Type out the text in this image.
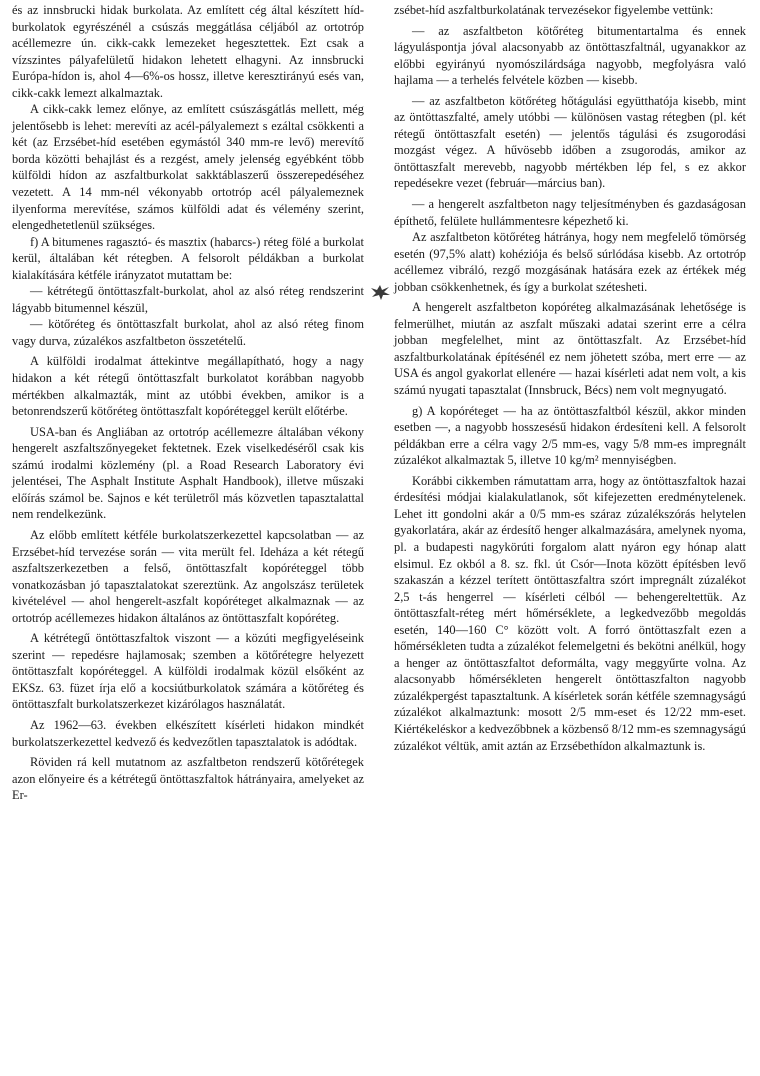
és az innsbrucki hidak burkolata. Az említett cég által készített híd-burkolatok egyrészénél a csúszás meggátlása céljából az ortotróp acéllemezre ún. cikk-cakk lemezeket hegesztettek. Ezt csak a vízszintes pályafelületű hidakon lehetett elhagyni. Az innsbrucki Európa-hídon is, ahol 4—6%-os hossz, illetve keresztirányú esés van, cikk-cakk lemezt alkalmaztak.

A cikk-cakk lemez előnye, az említett csúszásgátlás mellett, még jelentősebb is lehet: merevíti az acél-pályalemezt s ezáltal csökkenti a két (az Erzsébet-híd esetében egymástól 340 mm-re levő) merevítő borda közötti behajlást és a rezgést, amely jelenség egyébként több külföldi hídon az aszfaltburkolat sakktáblaszerű összerepedéséhez vezetett. A 14 mm-nél vékonyabb ortotróp acél pályalemeznek ilyenforma merevítése, számos külföldi adat és vélemény szerint, elengedhetetlenül szükséges.

f) A bitumenes ragasztó- és masztix (habarcs-) réteg fölé a burkolat kerül, általában két rétegben. A felsorolt példákban a burkolat kialakítására kétféle irányzatot mutattam be:

— kétrétegű öntöttaszfalt-burkolat, ahol az alsó réteg rendszerint lágyabb bitumennel készül,

— kötőréteg és öntöttaszfalt burkolat, ahol az alsó réteg finom vagy durva, zúzalékos aszfaltbeton összetételű.

A külföldi irodalmat áttekintve megállapítható, hogy a nagy hidakon a két rétegű öntöttaszfalt burkolatot korábban nagyobb mértékben alkalmazták, mint az utóbbi években, amikor is a betonrendszerű kötőréteg öntöttaszfalt kopóréteggel került előtérbe.

USA-ban és Angliában az ortotróp acéllemezre általában vékony hengerelt aszfaltszőnyegeket fektetnek. Ezek viselkedéséről csak kis számú irodalmi közlemény (pl. a Road Research Laboratory évi jelentései, The Asphalt Institute Asphalt Handbook), illetve műszaki előírás számol be. Sajnos e két területről más közvetlen tapasztalattal nem rendelkezünk.

Az előbb említett kétféle burkolatszerkezettel kapcsolatban — az Erzsébet-híd tervezése során — vita merült fel. Ideháza a két rétegű aszfaltszerkezetben a felső, öntöttaszfalt kopóréteggel több vonatkozásban jó tapasztalatokat szereztünk. Az angolszász területek kivételével — ahol hengerelt-aszfalt kopóréteget alkalmaznak — az ortotróp acéllemezes hidakon általános az öntöttaszfalt kopóréteg.

A kétrétegű öntöttaszfaltok viszont — a közúti megfigyeléseink szerint — repedésre hajlamosak; szemben a kötőrétegre helyezett öntöttaszfalt kopóréteggel. A külföldi irodalmak közül elsőként az EKSz. 63. füzet írja elő a kocsiútburkolatok számára a kötőréteg és öntöttaszfalt burkolatszerkezet kizárólagos használatát.

Az 1962—63. években elkészített kísérleti hidakon mindkét burkolatszerkezettel kedvező és kedvezőtlen tapasztalatok is adódtak.

Röviden rá kell mutatnom az aszfaltbeton rendszerű kötőrétegek azon előnyeire és a kétrétegű öntöttaszfaltok hátrányaira, amelyeket az Er-

zsébet-híd aszfaltburkolatának tervezésekor figyelembe vettünk:

— az aszfaltbeton kötőréteg bitumentartalma és ennek lágyuláspontja jóval alacsonyabb az öntöttaszfaltnál, ugyanakkor az előbbi egyirányú nyomószilárdsága nagyobb, megfolyásra való hajlama — a terhelés felvétele közben — kisebb.

— az aszfaltbeton kötőréteg hőtágulási együtthatója kisebb, mint az öntöttaszfalté, amely utóbbi — különösen vastag rétegben (pl. két rétegű öntöttaszfalt esetén) — jelentős tágulási és zsugorodási mozgást végez. A hűvösebb időben a zsugorodás, amikor az öntöttaszfalt merevebb, nagyobb mértékben lép fel, s ez akkor repedésekre vezet (február—március ban).

— a hengerelt aszfaltbeton nagy teljesítményben és gazdaságosan építhető, felülete hullámmentesre képezhető ki.

Az aszfaltbeton kötőréteg hátránya, hogy nem megfelelő tömörség esetén (97,5% alatt) kohéziója és belső súrlódása kisebb. Az ortotróp acéllemez vibráló, rezgő mozgásának hatására ezek az értékek még jobban csökkenhetnek, és így a burkolat szétesheti.

A hengerelt aszfaltbeton kopóréteg alkalmazásának lehetősége is felmerülhet, miután az aszfalt műszaki adatai szerint erre a célra jobban megfelelhet, mint az öntöttaszfalt. Az Erzsébet-híd aszfaltburkolatának építésénél ez nem jöhetett szóba, mert erre — az USA és angol gyakorlat ellenére — hazai kísérleti adat nem volt, a kis számú nyugati tapasztalat (Innsbruck, Bécs) nem volt megnyugató.

g) A kopóréteget — ha az öntöttaszfaltból készül, akkor minden esetben —, a nagyobb hosszesésű hidakon érdesíteni kell. A felsorolt példákban erre a célra vagy 2/5 mm-es, vagy 5/8 mm-es impregnált zúzalékot alkalmaztak 5, illetve 10 kg/m² mennyiségben.

Korábbi cikkemben rámutattam arra, hogy az öntöttaszfaltok hazai érdesítési módjai kialakulatlanok, sőt kifejezetten eredménytelenek. Lehet itt gondolni akár a 0/5 mm-es száraz zúzalékszórás helytelen gyakorlatára, akár az érdesítő henger alkalmazására, amelynek nyoma, pl. a budapesti nagykörúti forgalom alatt nyáron egy hónap alatt elsimul. Ez okból a 8. sz. fkl. út Csór—Inota között építésben levő szakaszán a kézzel terített öntöttaszfaltra szórt impregnált zúzalékot 2,5 t-ás hengerrel — kísérleti célból — behengereltettük. Az öntöttaszfalt-réteg mért hőmérséklete, a legkedvezőbb megoldás esetén, 140—160 C° között volt. A forró öntöttaszfalt ezen a hőmérsékleten tudta a zúzalékot felemelgetni és bekötni anélkül, hogy a henger az öntöttaszfaltot deformálta, vagy meggyűrte volna. Az alacsonyabb hőmérsékleten hengerelt öntöttaszfalton nagyobb zúzalékpergést tapasztaltunk. A kísérletek során kétféle szemnagyságú zúzalékot alkalmaztunk: mosott 2/5 mm-eset és 12/22 mm-eset. Kiértékeléskor a kedvezőbbnek a közbenső 8/12 mm-es szemnagyságú zúzalékot véltük, amit aztán az Erzsébethídon alkalmaztunk is.
